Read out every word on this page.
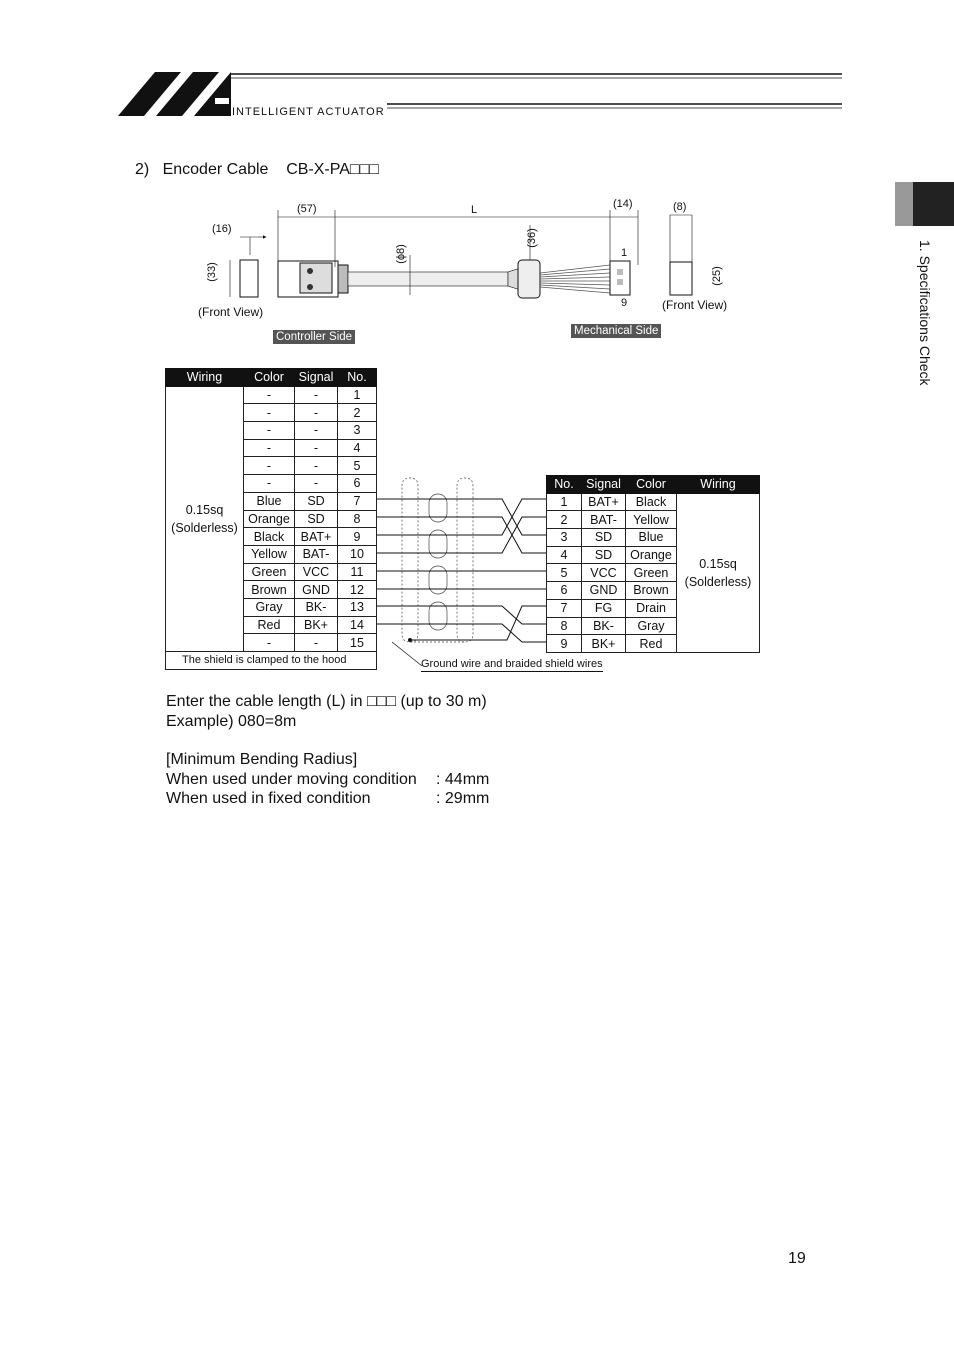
INTELLIGENT ACTUATOR
1. Specifications Check
2) Encoder Cable CB-X-PA□□□
(57)	L	(14)	(8)
(16)
(33)
(ϕ8)
(36)
(25)
1
9
(Front View)	(Front View)
Controller Side	Mechanical Side
Wiring	Color	Signal	No.
0.15sq
(Solderless)	-	-	1
	-	-	2
	-	-	3
	-	-	4
	-	-	5
	-	-	6
	Blue	SD	7
	Orange	SD	8
	Black	BAT+	9
	Yellow	BAT-	10
	Green	VCC	11
	Brown	GND	12
	Gray	BK-	13
	Red	BK+	14
	-	-	15
The shield is clamped to the hood			
No.	Signal	Color	Wiring
1	BAT+	Black	0.15sq
(Solderless)
2	BAT-	Yellow	
3	SD	Blue	
4	SD	Orange	
5	VCC	Green	
6	GND	Brown	
7	FG	Drain	
8	BK-	Gray	
9	BK+	Red	
Ground wire and braided shield wires
Enter the cable length (L) in □□□ (up to 30 m)
Example) 080=8m
[Minimum Bending Radius]
When used under moving condition : 44mm
When used in fixed condition	: 29mm
19
